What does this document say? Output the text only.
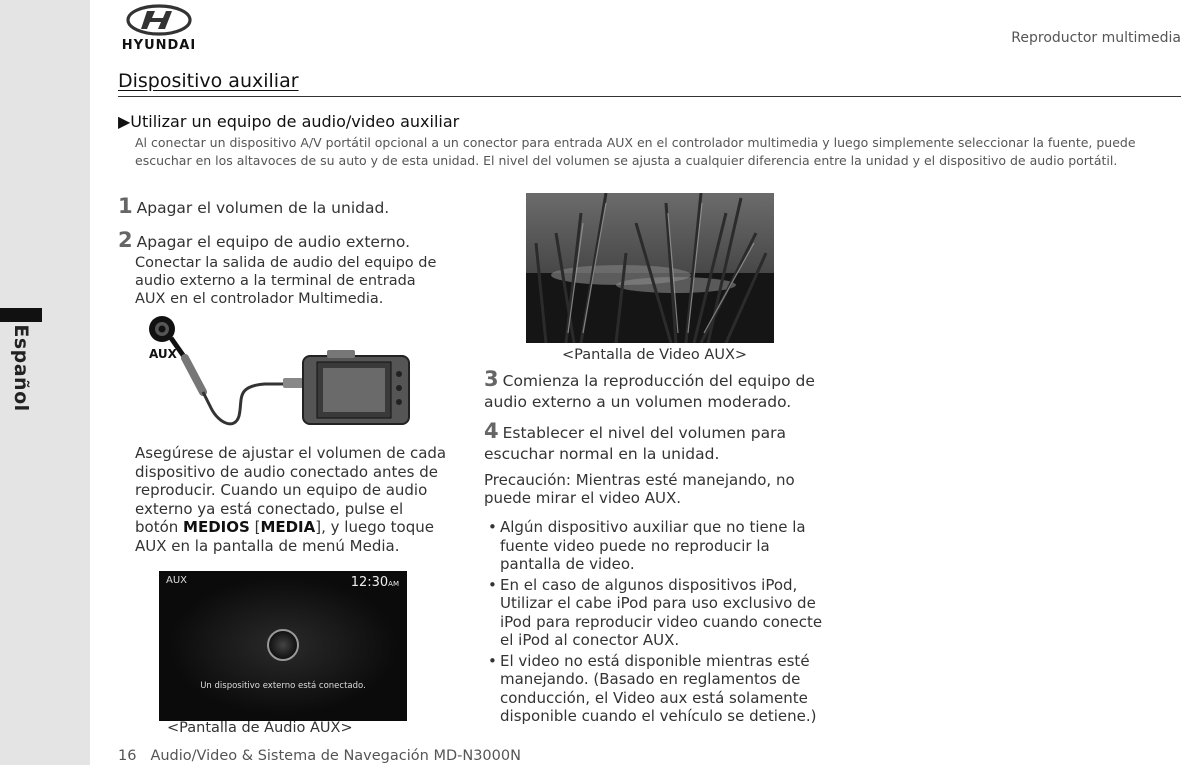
Español
HYUNDAI	Reproductor multimedia
Dispositivo auxiliar
▶Utilizar un equipo de audio/video auxiliar
Al conectar un dispositivo A/V portátil opcional a un conector para entrada AUX en el controlador multimedia y luego simplemente seleccionar la fuente, puede escuchar en los altavoces de su auto y de esta unidad. El nivel del volumen se ajusta a cualquier diferencia entre la unidad y el dispositivo de audio portátil.
1 Apagar el volumen de la unidad.
2 Apagar el equipo de audio externo.
Conectar la salida de audio del equipo de audio externo a la terminal de entrada AUX en el controlador Multimedia.
AUX
Asegúrese de ajustar el volumen de cada dispositivo de audio conectado antes de reproducir. Cuando un equipo de audio externo ya está conectado, pulse el botón MEDIOS [MEDIA], y luego toque AUX en la pantalla de menú Media.
AUX	12:30AM
Un dispositivo externo está conectado.
<Pantalla de Audio AUX>
<Pantalla de Video AUX>
3 Comienza la reproducción del equipo de audio externo a un volumen moderado.
4 Establecer el nivel del volumen para escuchar normal en la unidad.
Precaución: Mientras esté manejando, no puede mirar el video AUX.
• Algún dispositivo auxiliar que no tiene la fuente video puede no reproducir la pantalla de video.
• En el caso de algunos dispositivos iPod, Utilizar el cabe iPod para uso exclusivo de iPod para reproducir video cuando conecte el iPod al conector AUX.
• El video no está disponible mientras esté manejando. (Basado en reglamentos de conducción, el Video aux está solamente disponible cuando el vehículo se detiene.)
16 Audio/Video & Sistema de Navegación MD-N3000N
